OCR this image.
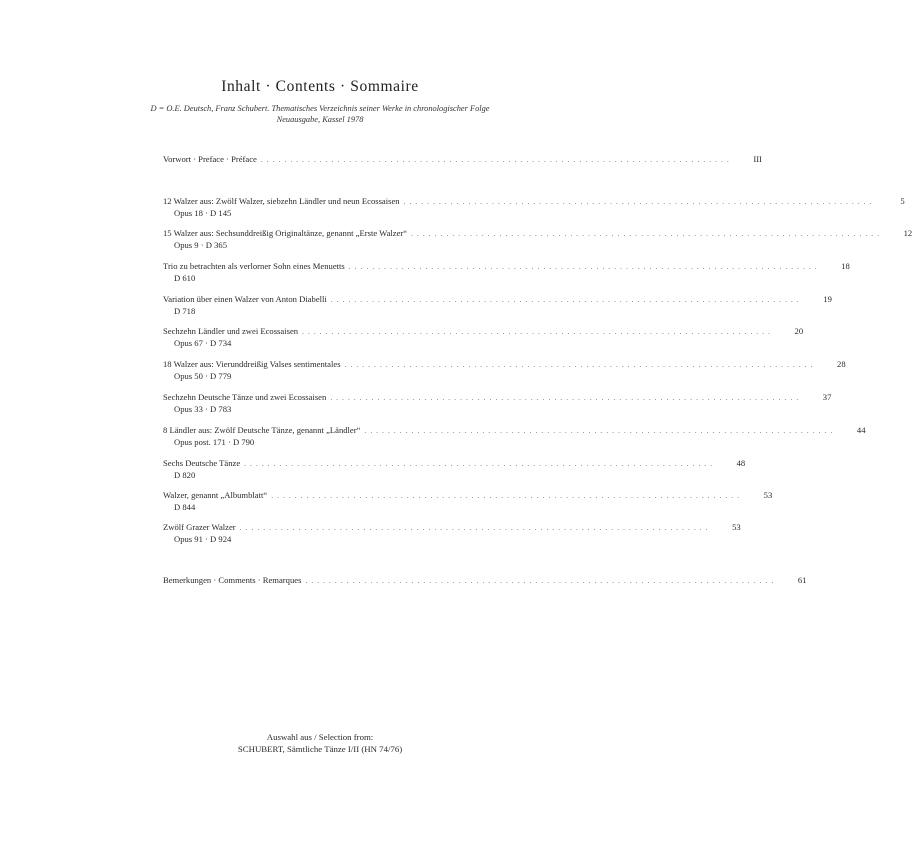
Inhalt · Contents · Sommaire
D = O.E. Deutsch, Franz Schubert. Thematisches Verzeichnis seiner Werke in chronologischer Folge
Neuausgabe, Kassel 1978
Vorwort · Preface · Préface . . . . . . . . . . . . . . . . . . . . . . . . . . . . . . . . . . . . . . . . . . . . . . . . . . . . . . . . . . . . . . . . . . . . . . . . . . . . . . . .	III
12 Walzer aus: Zwölf Walzer, siebzehn Ländler und neun Ecossaisen . . . . . . . . . . . . . . . . . . . . . . . . . . . . . . . . . . . . . . . . . . . . . . . . . . . . . . . . . . . . . . . . . . . . . . . . . . . . . . . .	5
Opus 18 · D 145
15 Walzer aus: Sechsunddreißig Originaltänze, genannt „Erste Walzer“ . . . . . . . . . . . . . . . . . . . . . . . . . . . . . . . . . . . . . . . . . . . . . . . . . . . . . . . . . . . . . . . . . . . . . . . . . . . . . . . .	12
Opus 9 · D 365
Trio zu betrachten als verlorner Sohn eines Menuetts . . . . . . . . . . . . . . . . . . . . . . . . . . . . . . . . . . . . . . . . . . . . . . . . . . . . . . . . . . . . . . . . . . . . . . . . . . . . . . . .	18
D 610
Variation über einen Walzer von Anton Diabelli . . . . . . . . . . . . . . . . . . . . . . . . . . . . . . . . . . . . . . . . . . . . . . . . . . . . . . . . . . . . . . . . . . . . . . . . . . . . . . . .	19
D 718
Sechzehn Ländler und zwei Ecossaisen . . . . . . . . . . . . . . . . . . . . . . . . . . . . . . . . . . . . . . . . . . . . . . . . . . . . . . . . . . . . . . . . . . . . . . . . . . . . . . . .	20
Opus 67 · D 734
18 Walzer aus: Vierunddreißig Valses sentimentales . . . . . . . . . . . . . . . . . . . . . . . . . . . . . . . . . . . . . . . . . . . . . . . . . . . . . . . . . . . . . . . . . . . . . . . . . . . . . . . .	28
Opus 50 · D 779
Sechzehn Deutsche Tänze und zwei Ecossaisen . . . . . . . . . . . . . . . . . . . . . . . . . . . . . . . . . . . . . . . . . . . . . . . . . . . . . . . . . . . . . . . . . . . . . . . . . . . . . . . .	37
Opus 33 · D 783
8 Ländler aus: Zwölf Deutsche Tänze, genannt „Ländler“ . . . . . . . . . . . . . . . . . . . . . . . . . . . . . . . . . . . . . . . . . . . . . . . . . . . . . . . . . . . . . . . . . . . . . . . . . . . . . . . .	44
Opus post. 171 · D 790
Sechs Deutsche Tänze . . . . . . . . . . . . . . . . . . . . . . . . . . . . . . . . . . . . . . . . . . . . . . . . . . . . . . . . . . . . . . . . . . . . . . . . . . . . . . . .	48
D 820
Walzer, genannt „Albumblatt“ . . . . . . . . . . . . . . . . . . . . . . . . . . . . . . . . . . . . . . . . . . . . . . . . . . . . . . . . . . . . . . . . . . . . . . . . . . . . . . . .	53
D 844
Zwölf Grazer Walzer . . . . . . . . . . . . . . . . . . . . . . . . . . . . . . . . . . . . . . . . . . . . . . . . . . . . . . . . . . . . . . . . . . . . . . . . . . . . . . . .	53
Opus 91 · D 924
Bemerkungen · Comments · Remarques . . . . . . . . . . . . . . . . . . . . . . . . . . . . . . . . . . . . . . . . . . . . . . . . . . . . . . . . . . . . . . . . . . . . . . . . . . . . . . . .	61
Auswahl aus / Selection from:
SCHUBERT, Sämtliche Tänze I/II (HN 74/76)
